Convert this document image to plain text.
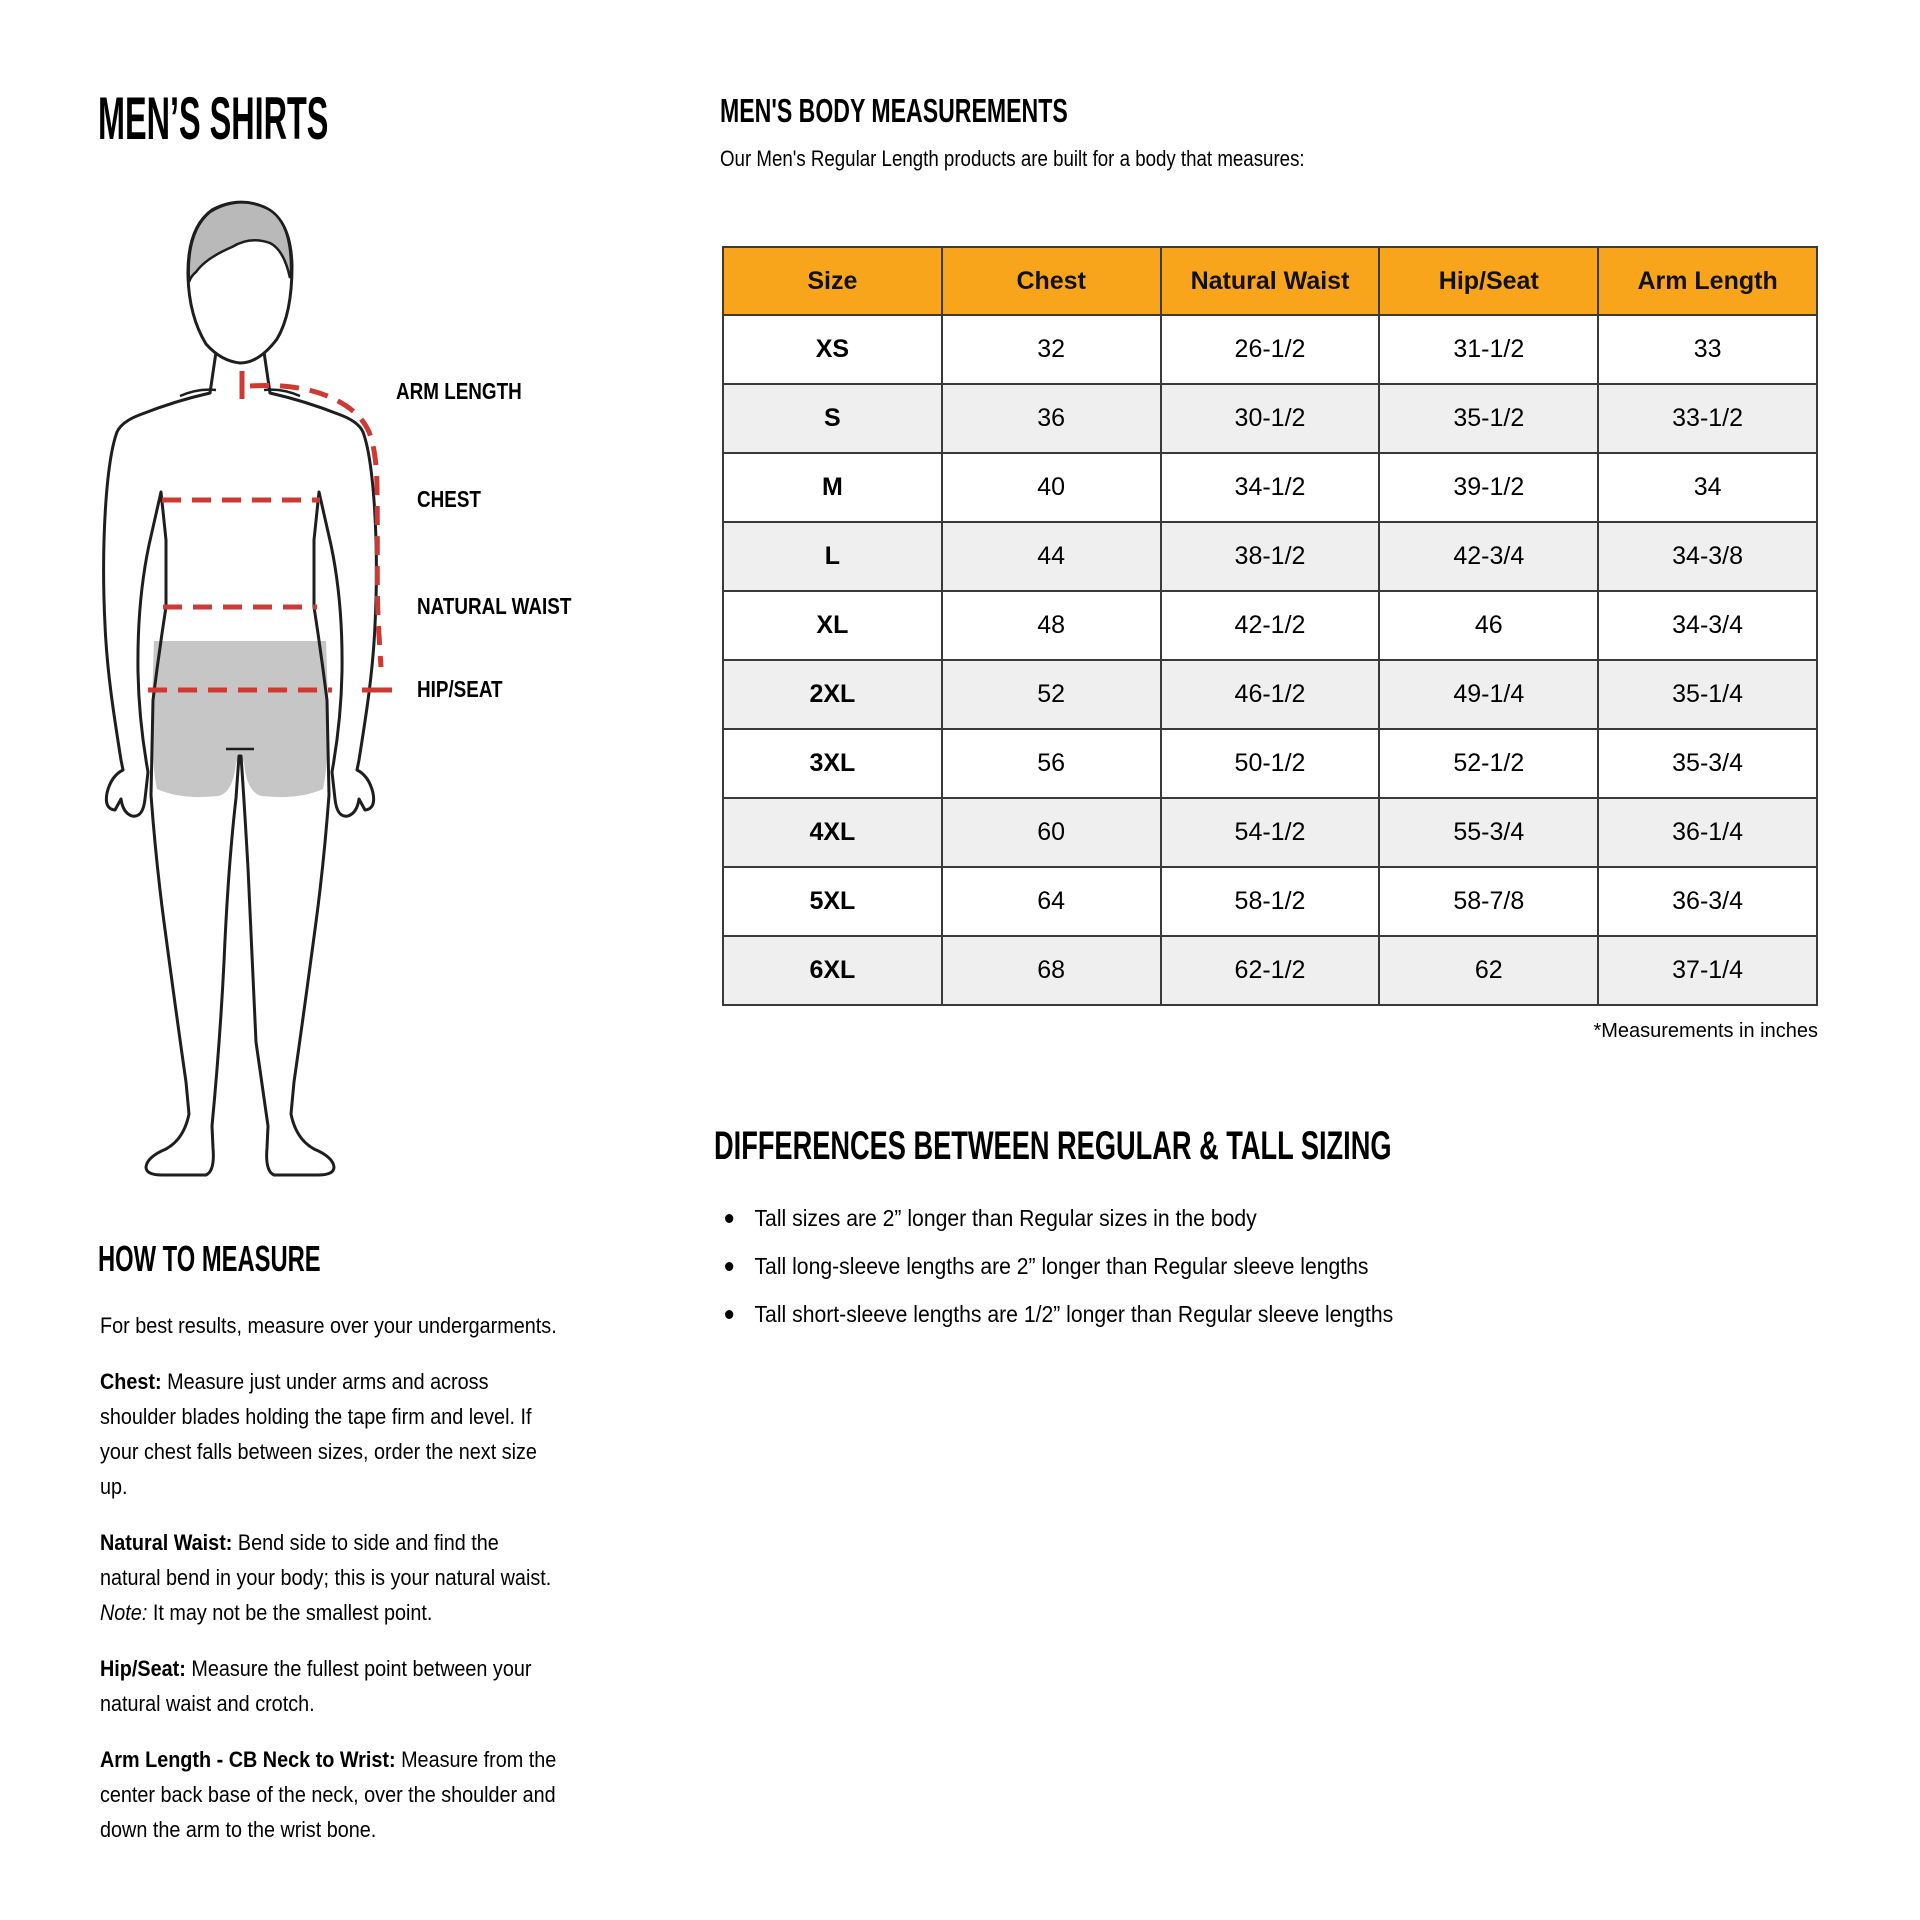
MEN’S SHIRTS
ARM LENGTH
CHEST
NATURAL WAIST
HIP/SEAT
HOW TO MEASURE

For best results, measure over your undergarments.

Chest: Measure just under arms and across shoulder blades holding the tape firm and level. If your chest falls between sizes, order the next size up.

Natural Waist: Bend side to side and find the natural bend in your body; this is your natural waist. Note: It may not be the smallest point.

Hip/Seat: Measure the fullest point between your natural waist and crotch.

Arm Length - CB Neck to Wrist: Measure from the center back base of the neck, over the shoulder and down the arm to the wrist bone.

MEN'S BODY MEASUREMENTS
Our Men's Regular Length products are built for a body that measures:
Size	Chest	Natural Waist	Hip/Seat	Arm Length
XS	32	26-1/2	31-1/2	33
S	36	30-1/2	35-1/2	33-1/2
M	40	34-1/2	39-1/2	34
L	44	38-1/2	42-3/4	34-3/8
XL	48	42-1/2	46	34-3/4
2XL	52	46-1/2	49-1/4	35-1/4
3XL	56	50-1/2	52-1/2	35-3/4
4XL	60	54-1/2	55-3/4	36-1/4
5XL	64	58-1/2	58-7/8	36-3/4
6XL	68	62-1/2	62	37-1/4
*Measurements in inches
DIFFERENCES BETWEEN REGULAR & TALL SIZING
Tall sizes are 2” longer than Regular sizes in the body
Tall long-sleeve lengths are 2” longer than Regular sleeve lengths
Tall short-sleeve lengths are 1/2” longer than Regular sleeve lengths
